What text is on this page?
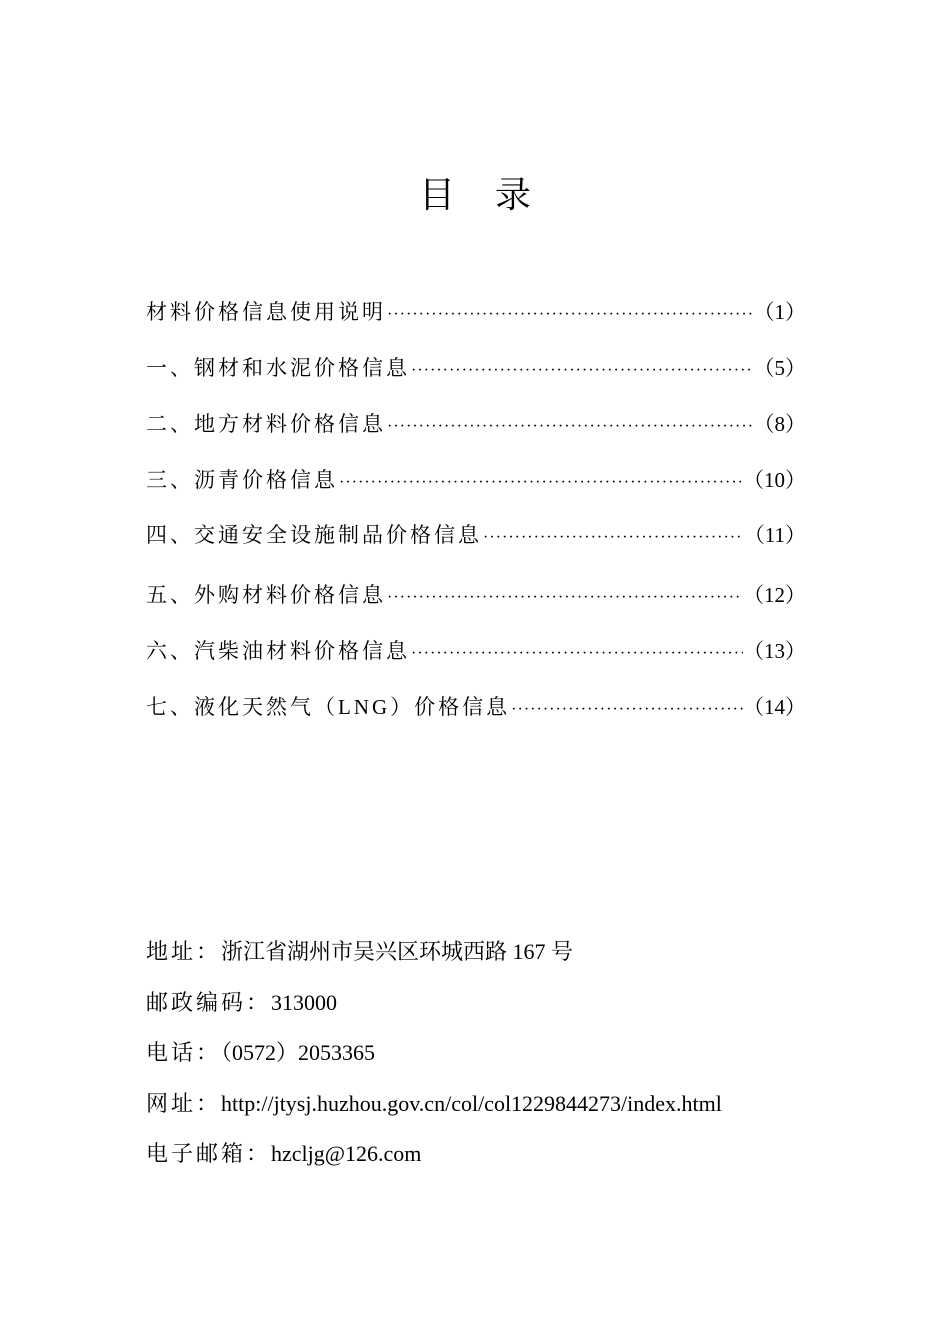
目 录
材料价格信息使用说明 ·····	（1）
一、钢材和水泥价格信息 ·····	（5）
二、地方材料价格信息 ·····	（8）
三、沥青价格信息 ·····	（10）
四、交通安全设施制品价格信息 ·····	（11）
五、外购材料价格信息 ·····	（12）
六、汽柴油材料价格信息 ·····	（13）
七、液化天然气（LNG）价格信息 ·····	（14）
地址：浙江省湖州市吴兴区环城西路 167 号
邮政编码：313000
电话：（0572）2053365
网址：http://jtysj.huzhou.gov.cn/col/col1229844273/index.html
电子邮箱：hzcljg@126.com
